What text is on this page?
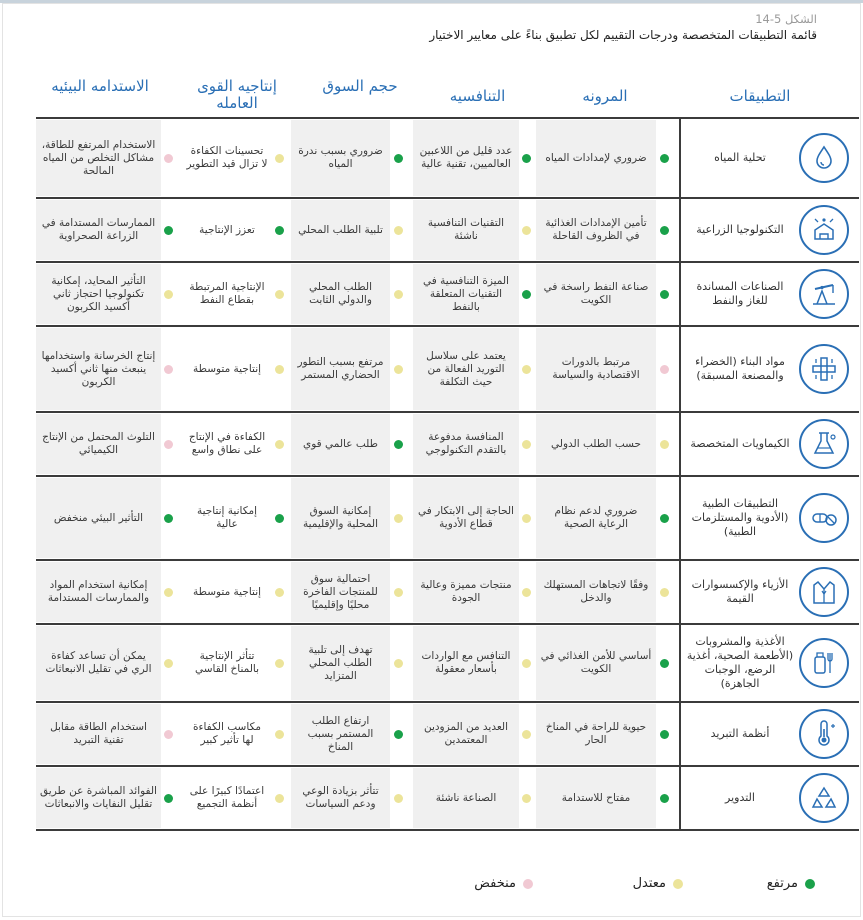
الشكل 5-14
قائمة التطبيقات المتخصصة ودرجات التقييم لكل تطبيق بناءً على معايير الاختيار
التطبيقات
المرونه
التنافسيه
حجم السوق
إنتاجيه القوى العامله
الاستدامه البيئيه
تحلية المياه
ضروري لإمدادات المياه
عدد قليل من اللاعبين العالميين، تقنية عالية
ضروري بسبب ندرة المياه
تحسينات الكفاءة لا تزال قيد التطوير
الاستخدام المرتفع للطاقة، مشاكل التخلص من المياه المالحة
التكنولوجيا الزراعية
تأمين الإمدادات الغذائية في الظروف القاحلة
التقنيات التنافسية ناشئة
تلبية الطلب المحلي
تعزز الإنتاجية
الممارسات المستدامة في الزراعة الصحراوية
الصناعات المساندة للغاز والنفط
صناعة النفط راسخة في الكويت
الميزة التنافسية في التقنيات المتعلقة بالنفط
الطلب المحلي والدولي الثابت
الإنتاجية المرتبطة بقطاع النفط
التأثير المحايد، إمكانية تكنولوجيا احتجاز ثاني أكسيد الكربون
مواد البناء (الخضراء والمصنعة المسبقة)
مرتبط بالدورات الاقتصادية والسياسة
يعتمد على سلاسل التوريد الفعالة من حيث التكلفة
مرتفع بسبب التطور الحضاري المستمر
إنتاجية متوسطة
إنتاج الخرسانة واستخدامها ينبعث منها ثاني أكسيد الكربون
الكيماويات المتخصصة
حسب الطلب الدولي
المنافسة مدفوعة بالتقدم التكنولوجي
طلب عالمي قوي
الكفاءة في الإنتاج على نطاق واسع
التلوث المحتمل من الإنتاج الكيميائي
التطبيقات الطبية (الأدوية والمستلزمات الطبية)
ضروري لدعم نظام الرعاية الصحية
الحاجة إلى الابتكار في قطاع الأدوية
إمكانية السوق المحلية والإقليمية
إمكانية إنتاجية عالية
التأثير البيئي منخفض
الأزياء والإكسسوارات القيمة
وفقًا لاتجاهات المستهلك والدخل
منتجات مميزة وعالية الجودة
احتمالية سوق للمنتجات الفاخرة محليًا وإقليميًا
إنتاجية متوسطة
إمكانية استخدام المواد والممارسات المستدامة
الأغذية والمشروبات (الأطعمة الصحية، أغذية الرضع، الوجبات الجاهزة)
أساسي للأمن الغذائي في الكويت
التنافس مع الواردات بأسعار معقولة
تهدف إلى تلبية الطلب المحلي المتزايد
تتأثر الإنتاجية بالمناخ القاسي
يمكن أن تساعد كفاءة الري في تقليل الانبعاثات
أنظمة التبريد
حيوية للراحة في المناخ الحار
العديد من المزودين المعتمدين
ارتفاع الطلب المستمر بسبب المناخ
مكاسب الكفاءة لها تأثير كبير
استخدام الطاقة مقابل تقنية التبريد
التدوير
مفتاح للاستدامة
الصناعة ناشئة
تتأثر بزيادة الوعي ودعم السياسات
اعتمادًا كبيرًا على أنظمة التجميع
الفوائد المباشرة عن طريق تقليل النفايات والانبعاثات
مرتفع
معتدل
منخفض
